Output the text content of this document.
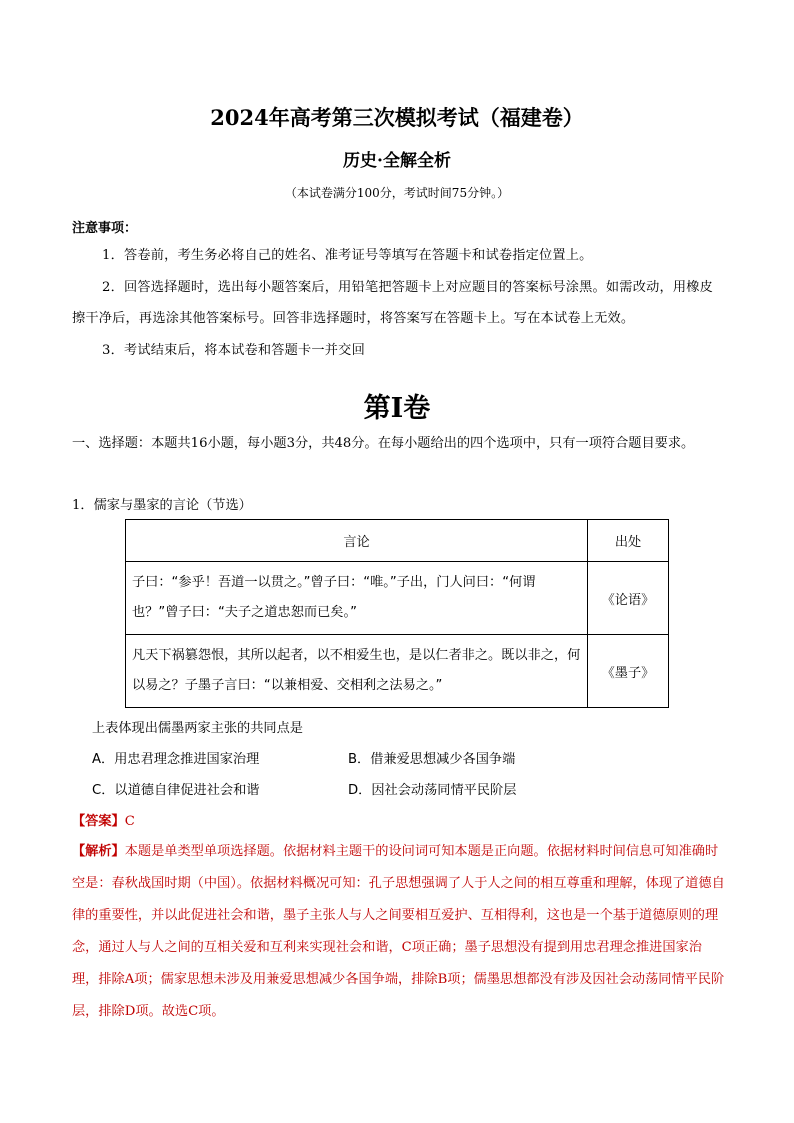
2024年高考第三次模拟考试（福建卷）
历史·全解全析
（本试卷满分100分，考试时间75分钟。）
注意事项：
1．答卷前，考生务必将自己的姓名、准考证号等填写在答题卡和试卷指定位置上。
2．回答选择题时，选出每小题答案后，用铅笔把答题卡上对应题目的答案标号涂黑。如需改动，用橡皮擦干净后，再选涂其他答案标号。回答非选择题时，将答案写在答题卡上。写在本试卷上无效。
3．考试结束后，将本试卷和答题卡一并交回
第Ⅰ卷
一、选择题：本题共16小题，每小题3分，共48分。在每小题给出的四个选项中，只有一项符合题目要求。
1．儒家与墨家的言论（节选）
言论	出处
子曰：“参乎！吾道一以贯之。”曾子曰：“唯。”子出，门人问曰：“何谓也？”曾子曰：“夫子之道忠恕而已矣。”	《论语》
凡天下祸篡怨恨，其所以起者，以不相爱生也，是以仁者非之。既以非之，何以易之？子墨子言曰：“以兼相爱、交相利之法易之。”	《墨子》
上表体现出儒墨两家主张的共同点是
A．用忠君理念推进国家治理	B．借兼爱思想减少各国争端
C．以道德自律促进社会和谐	D．因社会动荡同情平民阶层
【答案】C
【解析】本题是单类型单项选择题。依据材料主题干的设问词可知本题是正向题。依据材料时间信息可知准确时空是：春秋战国时期（中国）。依据材料概况可知：孔子思想强调了人于人之间的相互尊重和理解，体现了道德自律的重要性，并以此促进社会和谐，墨子主张人与人之间要相互爱护、互相得利，这也是一个基于道德原则的理念，通过人与人之间的互相关爱和互利来实现社会和谐，C项正确；墨子思想没有提到用忠君理念推进国家治理，排除A项；儒家思想未涉及用兼爱思想减少各国争端，排除B项；儒墨思想都没有涉及因社会动荡同情平民阶层，排除D项。故选C项。
